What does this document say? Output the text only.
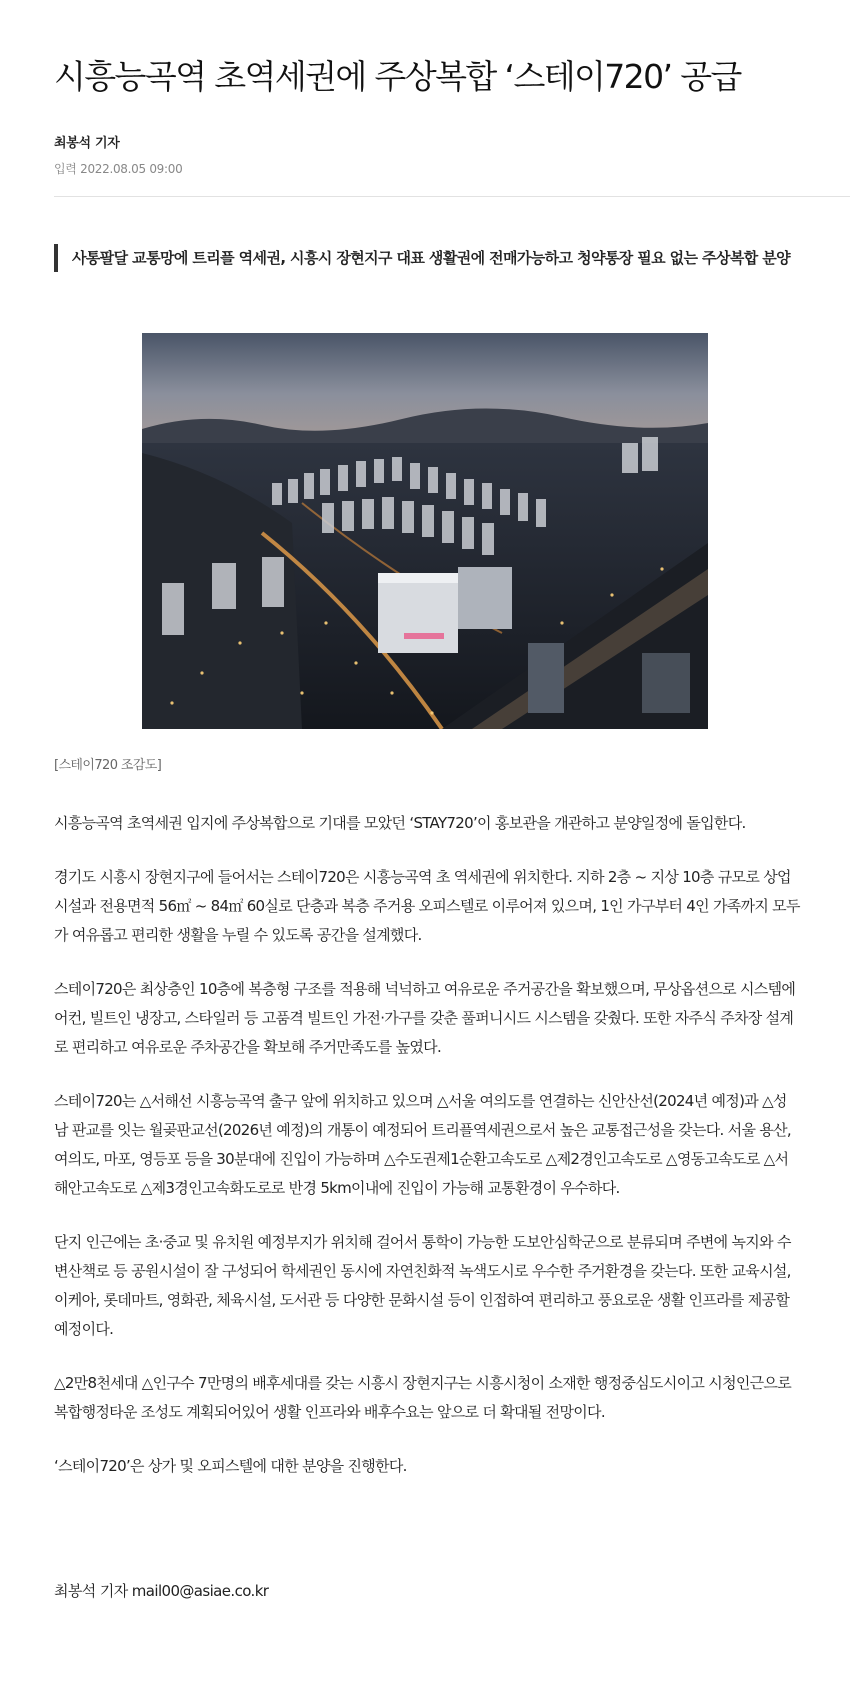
시흥능곡역 초역세권에 주상복합 ‘스테이720’ 공급
최봉석 기자
입력 2022.08.05 09:00
사통팔달 교통망에 트리플 역세권, 시흥시 장현지구 대표 생활권에 전매가능하고 청약통장 필요 없는 주상복합 분양
[스테이720 조감도]

시흥능곡역 초역세권 입지에 주상복합으로 기대를 모았던 ‘STAY720’이 홍보관을 개관하고 분양일정에 돌입한다.

경기도 시흥시 장현지구에 들어서는 스테이720은 시흥능곡역 초 역세권에 위치한다. 지하 2층 ~ 지상 10층 규모로 상업시설과 전용면적 56㎡ ~ 84㎡ 60실로 단층과 복층 주거용 오피스텔로 이루어져 있으며, 1인 가구부터 4인 가족까지 모두가 여유롭고 편리한 생활을 누릴 수 있도록 공간을 설계했다.

스테이720은 최상층인 10층에 복층형 구조를 적용해 넉넉하고 여유로운 주거공간을 확보했으며, 무상옵션으로 시스템에어컨, 빌트인 냉장고, 스타일러 등 고품격 빌트인 가전·가구를 갖춘 풀퍼니시드 시스템을 갖췄다. 또한 자주식 주차장 설계로 편리하고 여유로운 주차공간을 확보해 주거만족도를 높였다.

스테이720는 △서해선 시흥능곡역 출구 앞에 위치하고 있으며 △서울 여의도를 연결하는 신안산선(2024년 예정)과 △성남 판교를 잇는 월곶판교선(2026년 예정)의 개통이 예정되어 트리플역세권으로서 높은 교통접근성을 갖는다. 서울 용산, 여의도, 마포, 영등포 등을 30분대에 진입이 가능하며 △수도권제1순환고속도로 △제2경인고속도로 △영동고속도로 △서해안고속도로 △제3경인고속화도로로 반경 5km이내에 진입이 가능해 교통환경이 우수하다.

단지 인근에는 초·중교 및 유치원 예정부지가 위치해 걸어서 통학이 가능한 도보안심학군으로 분류되며 주변에 녹지와 수변산책로 등 공원시설이 잘 구성되어 학세권인 동시에 자연친화적 녹색도시로 우수한 주거환경을 갖는다. 또한 교육시설, 이케아, 롯데마트, 영화관, 체육시설, 도서관 등 다양한 문화시설 등이 인접하여 편리하고 풍요로운 생활 인프라를 제공할 예정이다.

△2만8천세대 △인구수 7만명의 배후세대를 갖는 시흥시 장현지구는 시흥시청이 소재한 행정중심도시이고 시청인근으로 복합행정타운 조성도 계획되어있어 생활 인프라와 배후수요는 앞으로 더 확대될 전망이다.

‘스테이720’은 상가 및 오피스텔에 대한 분양을 진행한다.

최봉석 기자 mail00@asiae.co.kr
